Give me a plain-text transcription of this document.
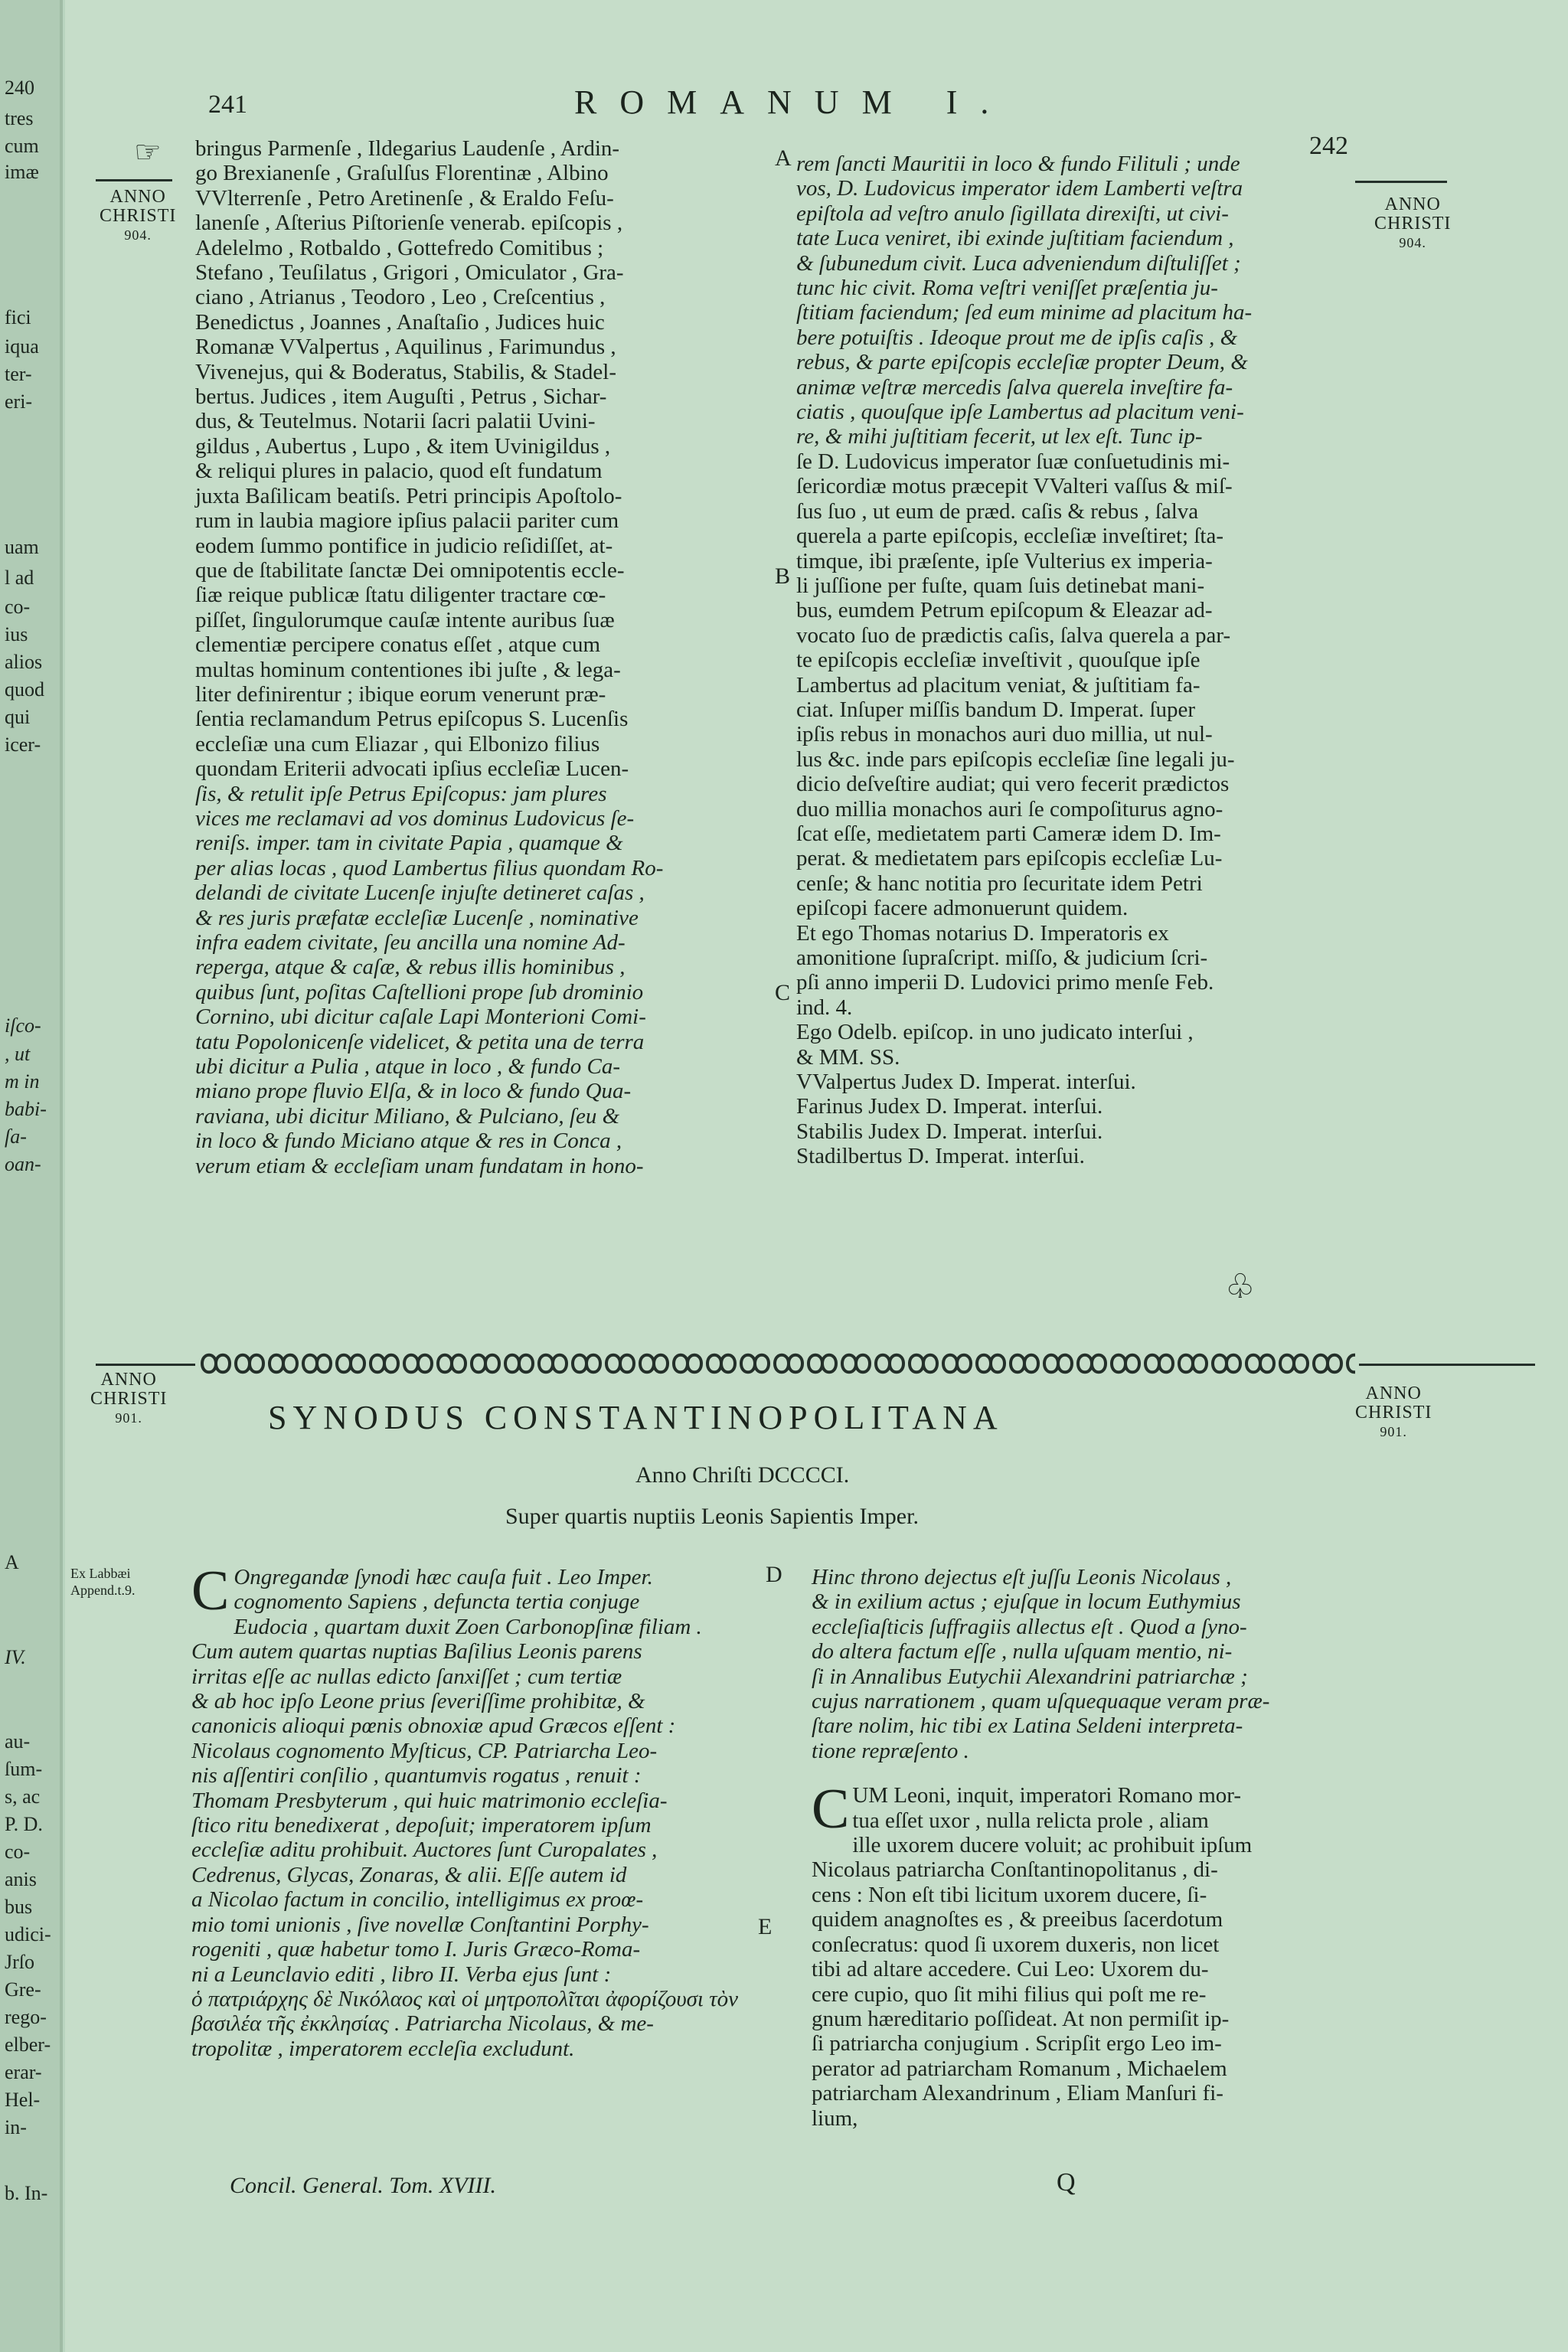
240
tres
cum
imæ
fici
iqua
ter-
eri-
uam
l ad
co-
ius
alios
quod
qui
icer-
iſco-
, ut
m in
babi-
ſa-
oan-
A
IV.
au-
ſum-
s, ac
P. D.
co-
anis
bus
udici-
Jrſo
Gre-
rego-
elber-
erar-
Hel-
in-
b. In-
241	ROMANUM I.
242
☞
ANNO
CHRISTI
904.
ANNO
CHRISTI
904.
bringus Parmenſe , Ildegarius Laudenſe , Ardin-
go Brexianenſe , Graſulſus Florentinæ , Albino
VVlterrenſe , Petro Aretinenſe , & Eraldo Feſu-
lanenſe , Aſterius Piſtorienſe venerab. epiſcopis ,
Adelelmo , Rotbaldo , Gottefredo Comitibus ;
Stefano , Teuſilatus , Grigori , Omiculator , Gra-
ciano , Atrianus , Teodoro , Leo , Creſcentius ,
Benedictus , Joannes , Anaſtaſio , Judices huic
Romanæ VValpertus , Aquilinus , Farimundus ,
Vivenejus, qui & Boderatus, Stabilis, & Stadel-
bertus. Judices , item Auguſti , Petrus , Sichar-
dus, & Teutelmus. Notarii ſacri palatii Uvini-
gildus , Aubertus , Lupo , & item Uvinigildus ,
& reliqui plures in palacio, quod eſt fundatum
juxta Baſilicam beatiſs. Petri principis Apoſtolo-
rum in laubia magiore ipſius palacii pariter cum
eodem ſummo pontifice in judicio reſidiſſet, at-
que de ſtabilitate ſanctæ Dei omnipotentis eccle-
ſiæ reique publicæ ſtatu diligenter tractare cœ-
piſſet, ſingulorumque cauſæ intente auribus ſuæ
clementiæ percipere conatus eſſet , atque cum
multas hominum contentiones ibi juſte , & lega-
liter definirentur ; ibique eorum venerunt præ-
ſentia reclamandum Petrus epiſcopus S. Lucenſis
eccleſiæ una cum Eliazar , qui Elbonizo filius
quondam Eriterii advocati ipſius eccleſiæ Lucen-
ſis, & retulit ipſe Petrus Epiſcopus: jam plures
vices me reclamavi ad vos dominus Ludovicus ſe-
reniſs. imper. tam in civitate Papia , quamque &
per alias locas , quod Lambertus filius quondam Ro-
delandi de civitate Lucenſe injuſte detineret caſas ,
& res juris præfatæ eccleſiæ Lucenſe , nominative
infra eadem civitate, ſeu ancilla una nomine Ad-
reperga, atque & caſæ, & rebus illis hominibus ,
quibus ſunt, poſitas Caſtellioni prope ſub drominio
Cornino, ubi dicitur caſale Lapi Monterioni Comi-
tatu Popolonicenſe videlicet, & petita una de terra
ubi dicitur a Pulia , atque in loco , & fundo Ca-
miano prope fluvio Elſa, & in loco & fundo Qua-
raviana, ubi dicitur Miliano, & Pulciano, ſeu &
in loco & fundo Miciano atque & res in Conca ,
verum etiam & eccleſiam unam fundatam in hono-
rem ſancti Mauritii in loco & fundo Filituli ; unde
vos, D. Ludovicus imperator idem Lamberti veſtra
epiſtola ad veſtro anulo ſigillata direxiſti, ut civi-
tate Luca veniret, ibi exinde juſtitiam faciendum ,
& ſubunedum civit. Luca adveniendum diſtuliſſet ;
tunc hic civit. Roma veſtri veniſſet præſentia ju-
ſtitiam faciendum; ſed eum minime ad placitum ha-
bere potuiſtis . Ideoque prout me de ipſis caſis , &
rebus, & parte epiſcopis eccleſiæ propter Deum, &
animæ veſtræ mercedis ſalva querela inveſtire fa-
ciatis , quouſque ipſe Lambertus ad placitum veni-
re, & mihi juſtitiam fecerit, ut lex eſt. Tunc ip-
ſe D. Ludovicus imperator ſuæ conſuetudinis mi-
ſericordiæ motus præcepit VValteri vaſſus & miſ-
ſus ſuo , ut eum de præd. caſis & rebus , ſalva
querela a parte epiſcopis, eccleſiæ inveſtiret; ſta-
timque, ibi præſente, ipſe Vulterius ex imperia-
li juſſione per fuſte, quam ſuis detinebat mani-
bus, eumdem Petrum epiſcopum & Eleazar ad-
vocato ſuo de prædictis caſis, ſalva querela a par-
te epiſcopis eccleſiæ inveſtivit , quouſque ipſe
Lambertus ad placitum veniat, & juſtitiam fa-
ciat. Inſuper miſſis bandum D. Imperat. ſuper
ipſis rebus in monachos auri duo millia, ut nul-
lus &c. inde pars epiſcopis eccleſiæ ſine legali ju-
dicio deſveſtire audiat; qui vero fecerit prædictos
duo millia monachos auri ſe compoſiturus agno-
ſcat eſſe, medietatem parti Cameræ idem D. Im-
perat. & medietatem pars epiſcopis eccleſiæ Lu-
cenſe; & hanc notitia pro ſecuritate idem Petri
epiſcopi facere admonuerunt quidem.
Et ego Thomas notarius D. Imperatoris ex
amonitione ſupraſcript. miſſo, & judicium ſcri-
pſi anno imperii D. Ludovici primo menſe Feb.
ind. 4.
Ego Odelb. epiſcop. in uno judicato interſui ,
& MM. SS.
VValpertus Judex D. Imperat. interſui.
Farinus Judex D. Imperat. interſui.
Stabilis Judex D. Imperat. interſui.
Stadilbertus D. Imperat. interſui.
A
B
C
D
E
♧
ANNO
CHRISTI
901.
ANNO
CHRISTI
901.
SYNODUS CONSTANTINOPOLITANA
Anno Chriſti DCCCCI.
Super quartis nuptiis Leonis Sapientis Imper.
Ex Labbæi
Append.t.9. C Ongregandæ ſynodi hæc cauſa fuit . Leo Imper.
cognomento Sapiens , defuncta tertia conjuge
Eudocia , quartam duxit Zoen Carbonopſinæ filiam .
Cum autem quartas nuptias Baſilius Leonis parens
irritas eſſe ac nullas edicto ſanxiſſet ; cum tertiæ
& ab hoc ipſo Leone prius ſeveriſſime prohibitæ, &
canonicis alioqui pœnis obnoxiæ apud Græcos eſſent :
Nicolaus cognomento Myſticus, CP. Patriarcha Leo-
nis aſſentiri conſilio , quantumvis rogatus , renuit :
Thomam Presbyterum , qui huic matrimonio eccleſia-
ſtico ritu benedixerat , depoſuit; imperatorem ipſum
eccleſiæ aditu prohibuit. Auctores ſunt Curopalates ,
Cedrenus, Glycas, Zonaras, & alii. Eſſe autem id
a Nicolao factum in concilio, intelligimus ex proœ-
mio tomi unionis , ſive novellæ Conſtantini Porphy-
rogeniti , quæ habetur tomo I. Juris Græco-Roma-
ni a Leunclavio editi , libro II. Verba ejus ſunt :
ὁ πατριάρχης δὲ Νικόλαος καὶ οἱ μητροπολῖται ἀφορίζουσι τὸν
βασιλέα τῆς ἐκκλησίας . Patriarcha Nicolaus, & me-
tropolitæ , imperatorem eccleſia excludunt.
Hinc throno dejectus eſt juſſu Leonis Nicolaus ,
& in exilium actus ; ejuſque in locum Euthymius
eccleſiaſticis ſuffragiis allectus eſt . Quod a ſyno-
do altera factum eſſe , nulla uſquam mentio, ni-
ſi in Annalibus Eutychii Alexandrini patriarchæ ;
cujus narrationem , quam uſquequaque veram præ-
ſtare nolim, hic tibi ex Latina Seldeni interpreta-
tione repræſento .
C UM Leoni, inquit, imperatori Romano mor-
tua eſſet uxor , nulla relicta prole , aliam
ille uxorem ducere voluit; ac prohibuit ipſum
Nicolaus patriarcha Conſtantinopolitanus , di-
cens : Non eſt tibi licitum uxorem ducere, ſi-
quidem anagnoſtes es , & preeibus ſacerdotum
conſecratus: quod ſi uxorem duxeris, non licet
tibi ad altare accedere. Cui Leo: Uxorem du-
cere cupio, quo ſit mihi filius qui poſt me re-
gnum hæreditario poſſideat. At non permiſit ip-
ſi patriarcha conjugium . Scripſit ergo Leo im-
perator ad patriarcham Romanum , Michaelem
patriarcham Alexandrinum , Eliam Manſuri fi-
lium,
Concil. General. Tom. XVIII.	Q
